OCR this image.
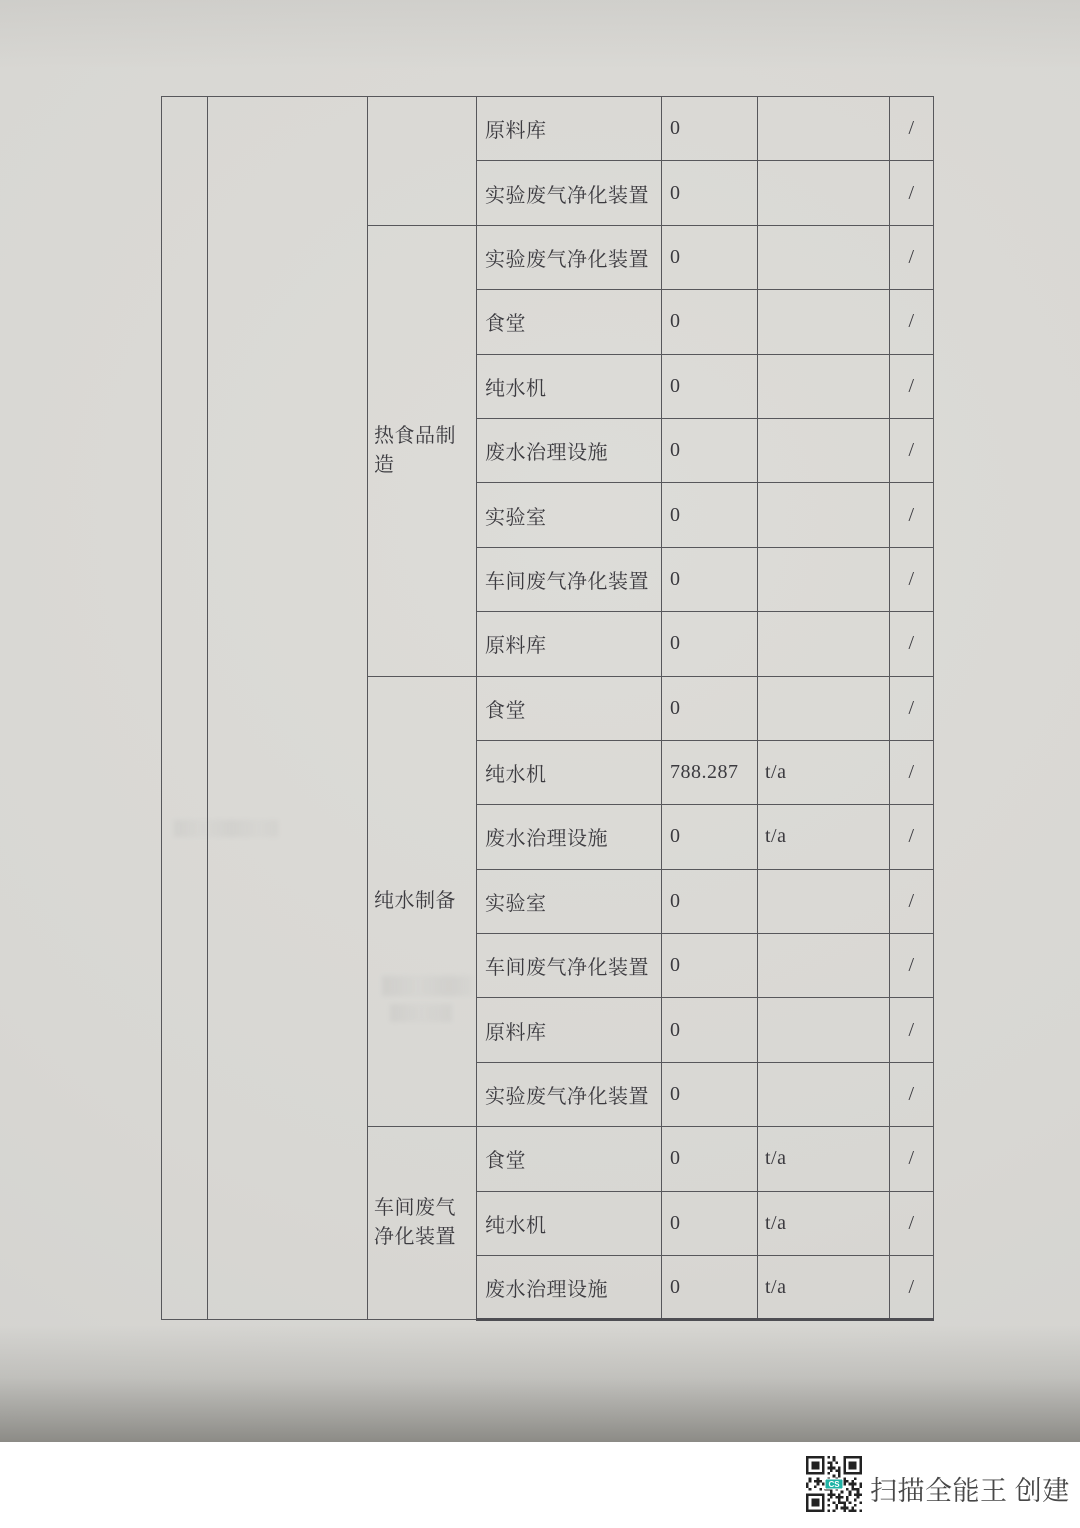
			原料库	0		/
			实验废气净化装置	0		/
		热食品制造	实验废气净化装置	0		/
			食堂	0		/
			纯水机	0		/
			废水治理设施	0		/
			实验室	0		/
			车间废气净化装置	0		/
			原料库	0		/
		纯水制备	食堂	0		/
			纯水机	788.287	t/a	/
			废水治理设施	0	t/a	/
			实验室	0		/
			车间废气净化装置	0		/
			原料库	0		/
			实验废气净化装置	0		/
		车间废气净化装置	食堂	0	t/a	/
			纯水机	0	t/a	/
			废水治理设施	0	t/a	/
CS 扫描全能王 创建
